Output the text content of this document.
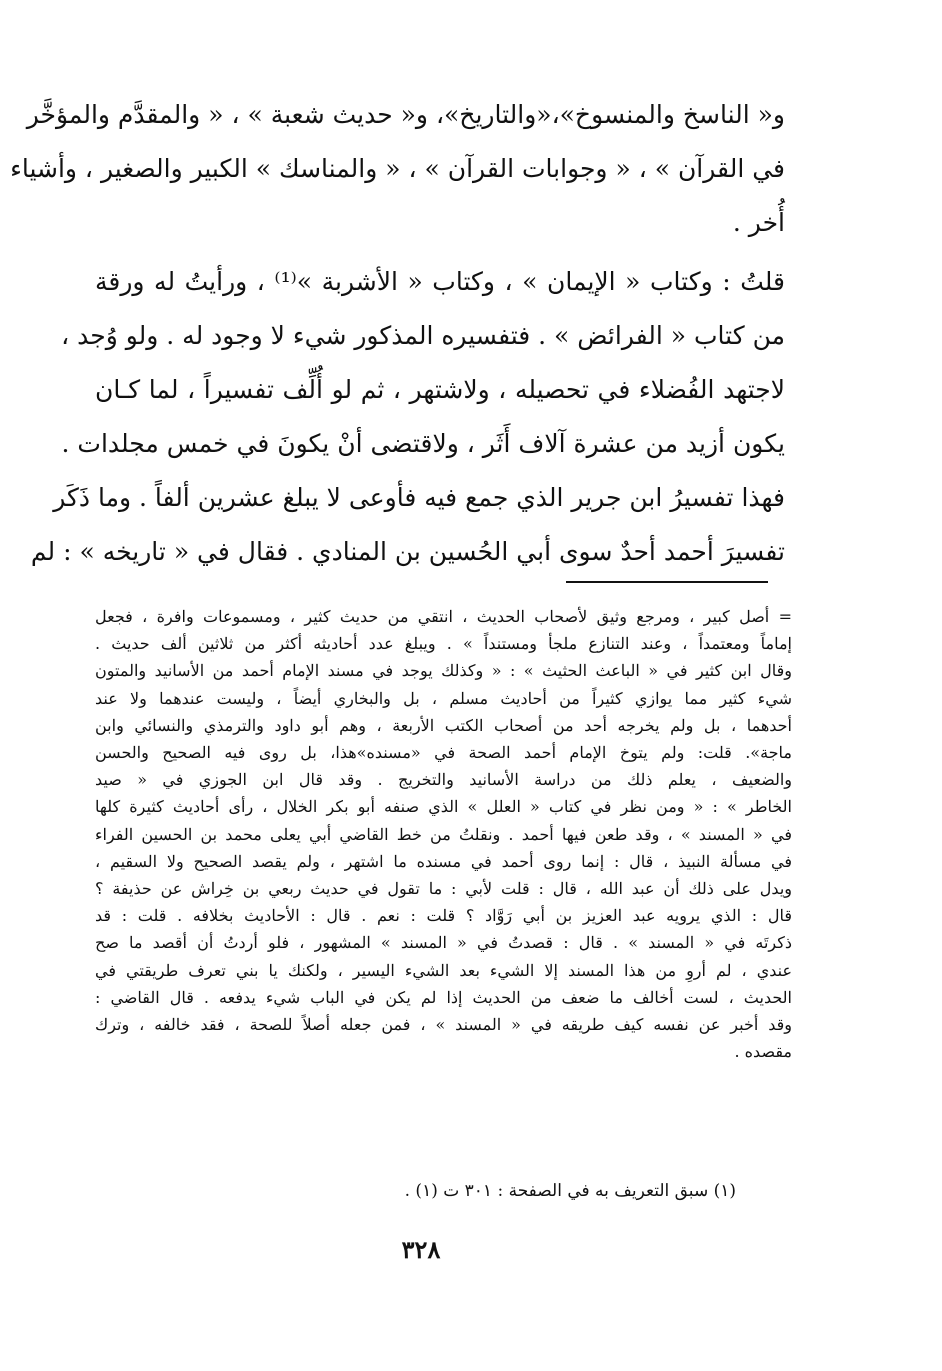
و« الناسخ والمنسوخ»،«والتاريخ»، و« حديث شعبة » ، « والمقدَّم والمؤخَّر
في القرآن » ، « وجوابات القرآن » ، « والمناسك » الكبير والصغير ، وأشياء
أُخر .

قلتُ : وكتاب « الإيمان » ، وكتاب « الأشربة »⁽¹⁾ ، ورأيتُ له ورقة
من كتاب « الفرائض » . فتفسيره المذكور شيء لا وجود له . ولو وُجد ،
لاجتهد الفُضلاء في تحصيله ، ولاشتهر ، ثم لو أُلِّف تفسيراً ، لما كـان
يكون أزيد من عشرة آلاف أَثَر ، ولاقتضى أنْ يكونَ في خمس مجلدات .
فهذا تفسيرُ ابن جرير الذي جمع فيه فأوعى لا يبلغ عشرين ألفاً . وما ذَكَر
تفسيرَ أحمد أحدٌ سوى أبي الحُسين بن المنادي . فقال في « تاريخه » : لم

= أصل كبير ، ومرجع وثيق لأصحاب الحديث ، انتقي من حديث كثير ، ومسموعات وافرة ، فجعل
إماماً ومعتمداً ، وعند التنازع ملجأ ومستنداً » . ويبلغ عدد أحاديثه أكثر من ثلاثين ألف حديث .
وقال ابن كثير في « الباعث الحثيث » : « وكذلك يوجد في مسند الإمام أحمد من الأسانيد والمتون
شيء كثير مما يوازي كثيراً من أحاديث مسلم ، بل والبخاري أيضاً ، وليست عندهما ولا عند
أحدهما ، بل ولم يخرجه أحد من أصحاب الكتب الأربعة ، وهم أبو داود والترمذي والنسائي وابن
ماجة». قلت: ولم يتوخ الإمام أحمد الصحة في «مسنده»هذا، بل روى فيه الصحيح والحسن
والضعيف ، يعلم ذلك من دراسة الأسانيد والتخريج . وقد قال ابن الجوزي في « صيد
الخاطر » : « ومن نظر في كتاب « العلل » الذي صنفه أبو بكر الخلال ، رأى أحاديث كثيرة كلها
في « المسند » ، وقد طعن فيها أحمد . ونقلتُ من خط القاضي أبي يعلى محمد بن الحسين الفراء
في مسألة النبيذ ، قال : إنما روى أحمد في مسنده ما اشتهر ، ولم يقصد الصحيح ولا السقيم ،
ويدل على ذلك أن عبد الله ، قال : قلت لأبي : ما تقول في حديث ربعي بن خِراش عن حذيفة ؟
قال : الذي يرويه عبد العزيز بن أبي رَوَّاد ؟ قلت : نعم . قال : الأحاديث بخلافه . قلت : قد
ذكرتَه في « المسند » . قال : قصدتُ في « المسند » المشهور ، فلو أردتُ أن أقصد ما صح
عندي ، لم أروِ من هذا المسند إلا الشيء بعد الشيء اليسير ، ولكنك يا بني تعرف طريقتي في
الحديث ، لست أخالف ما ضعف من الحديث إذا لم يكن في الباب شيء يدفعه . قال القاضي :
وقد أخبر عن نفسه كيف طريقه في « المسند » ، فمن جعله أصلاً للصحة ، فقد خالفه ، وترك
مقصده .
(١) سبق التعريف به في الصفحة : ٣٠١ ت (١) .
٣٢٨
